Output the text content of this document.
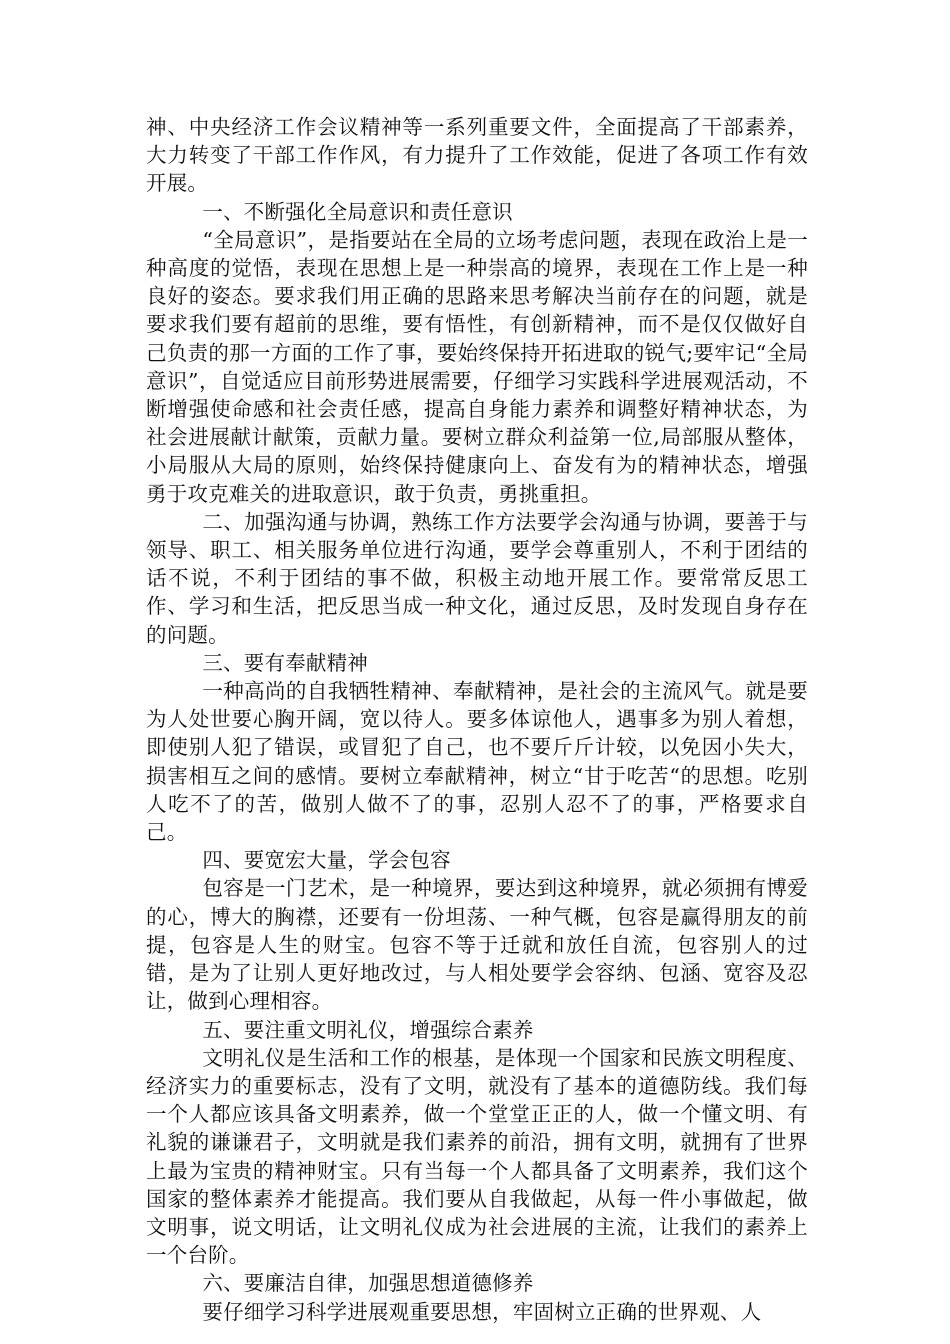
神、中央经济工作会议精神等一系列重要文件，全面提高了干部素养，大力转变了干部工作作风，有力提升了工作效能，促进了各项工作有效开展。

一、不断强化全局意识和责任意识

“全局意识”，是指要站在全局的立场考虑问题，表现在政治上是一种高度的觉悟，表现在思想上是一种崇高的境界，表现在工作上是一种良好的姿态。要求我们用正确的思路来思考解决当前存在的问题，就是要求我们要有超前的思维，要有悟性，有创新精神，而不是仅仅做好自己负责的那一方面的工作了事，要始终保持开拓进取的锐气;要牢记“全局意识”，自觉适应目前形势进展需要，仔细学习实践科学进展观活动，不断增强使命感和社会责任感，提高自身能力素养和调整好精神状态，为社会进展献计献策，贡献力量。要树立群众利益第一位,局部服从整体，小局服从大局的原则，始终保持健康向上、奋发有为的精神状态，增强勇于攻克难关的进取意识，敢于负责，勇挑重担。

二、加强沟通与协调，熟练工作方法要学会沟通与协调，要善于与领导、职工、相关服务单位进行沟通，要学会尊重别人，不利于团结的话不说，不利于团结的事不做，积极主动地开展工作。要常常反思工作、学习和生活，把反思当成一种文化，通过反思，及时发现自身存在的问题。

三、要有奉献精神

一种高尚的自我牺牲精神、奉献精神，是社会的主流风气。就是要为人处世要心胸开阔，宽以待人。要多体谅他人，遇事多为别人着想，即使别人犯了错误，或冒犯了自己，也不要斤斤计较，以免因小失大，损害相互之间的感情。要树立奉献精神，树立“甘于吃苦“的思想。吃别人吃不了的苦，做别人做不了的事，忍别人忍不了的事，严格要求自己。

四、要宽宏大量，学会包容

包容是一门艺术，是一种境界，要达到这种境界，就必须拥有博爱的心，博大的胸襟，还要有一份坦荡、一种气概，包容是赢得朋友的前提，包容是人生的财宝。包容不等于迁就和放任自流，包容别人的过错，是为了让别人更好地改过，与人相处要学会容纳、包涵、宽容及忍让，做到心理相容。

五、要注重文明礼仪，增强综合素养

文明礼仪是生活和工作的根基，是体现一个国家和民族文明程度、经济实力的重要标志，没有了文明，就没有了基本的道德防线。我们每一个人都应该具备文明素养，做一个堂堂正正的人，做一个懂文明、有礼貌的谦谦君子，文明就是我们素养的前沿，拥有文明，就拥有了世界上最为宝贵的精神财宝。只有当每一个人都具备了文明素养，我们这个国家的整体素养才能提高。我们要从自我做起，从每一件小事做起，做文明事，说文明话，让文明礼仪成为社会进展的主流，让我们的素养上一个台阶。

六、要廉洁自律，加强思想道德修养

要仔细学习科学进展观重要思想，牢固树立正确的世界观、人
